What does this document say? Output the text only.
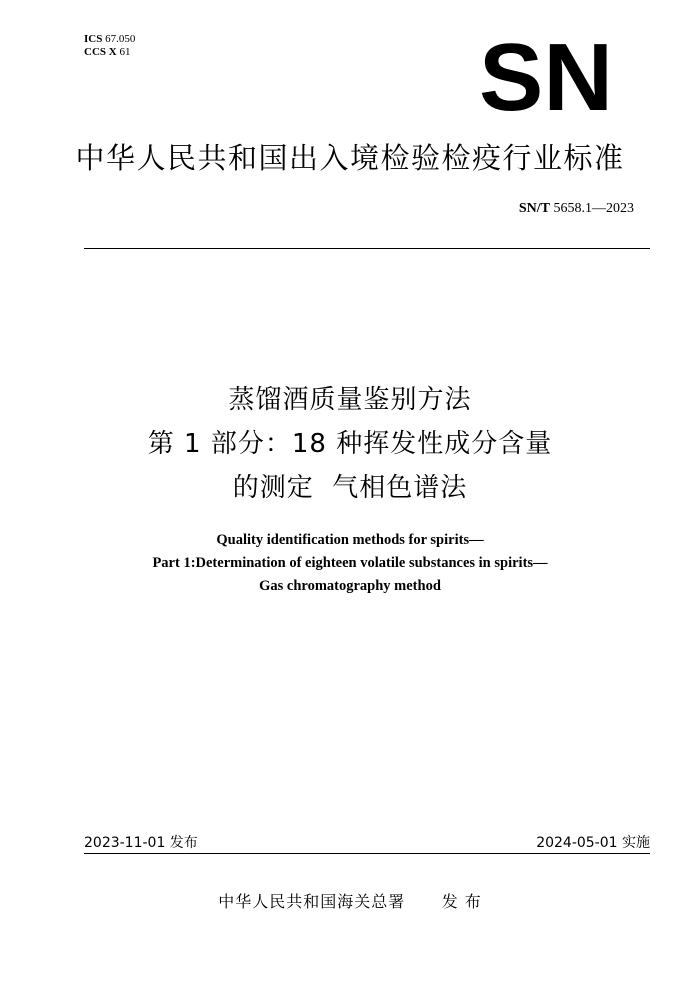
ICS 67.050
CCS X 61	SN
中华人民共和国出入境检验检疫行业标准
SN/T 5658.1—2023
蒸馏酒质量鉴别方法
第 1 部分：18 种挥发性成分含量
的测定  气相色谱法
Quality identification methods for spirits—
Part 1:Determination of eighteen volatile substances in spirits—
Gas chromatography method
2023-11-01 发布	2024-05-01 实施
中华人民共和国海关总署 发 布
